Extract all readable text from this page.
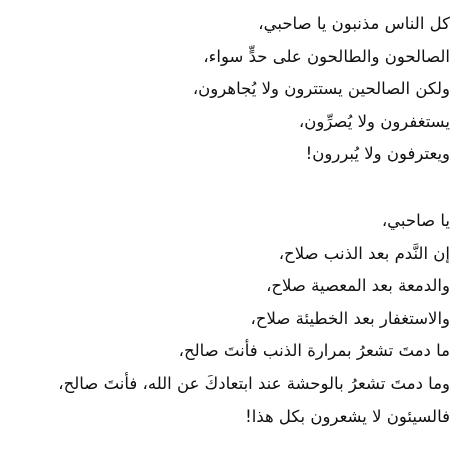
كل الناس مذنبون يا صاحبي،
الصالحون والطالحون على حدٍّ سواء،
ولكن الصالحين يستترون ولا يُجاهرون،
يستغفرون ولا يُصرِّون،
ويعترفون ولا يُبررون!
يا صاحبي،
إن النَّدم بعد الذنب صلاح،
والدمعة بعد المعصية صلاح،
والاستغفار بعد الخطيئة صلاح،
ما دمتَ تشعرُ بمرارة الذنب فأنتَ صالح،
وما دمتَ تشعرُ بالوحشة عند ابتعادكَ عن الله، فأنتَ صالح،
فالسيئون لا يشعرون بكل هذا!
